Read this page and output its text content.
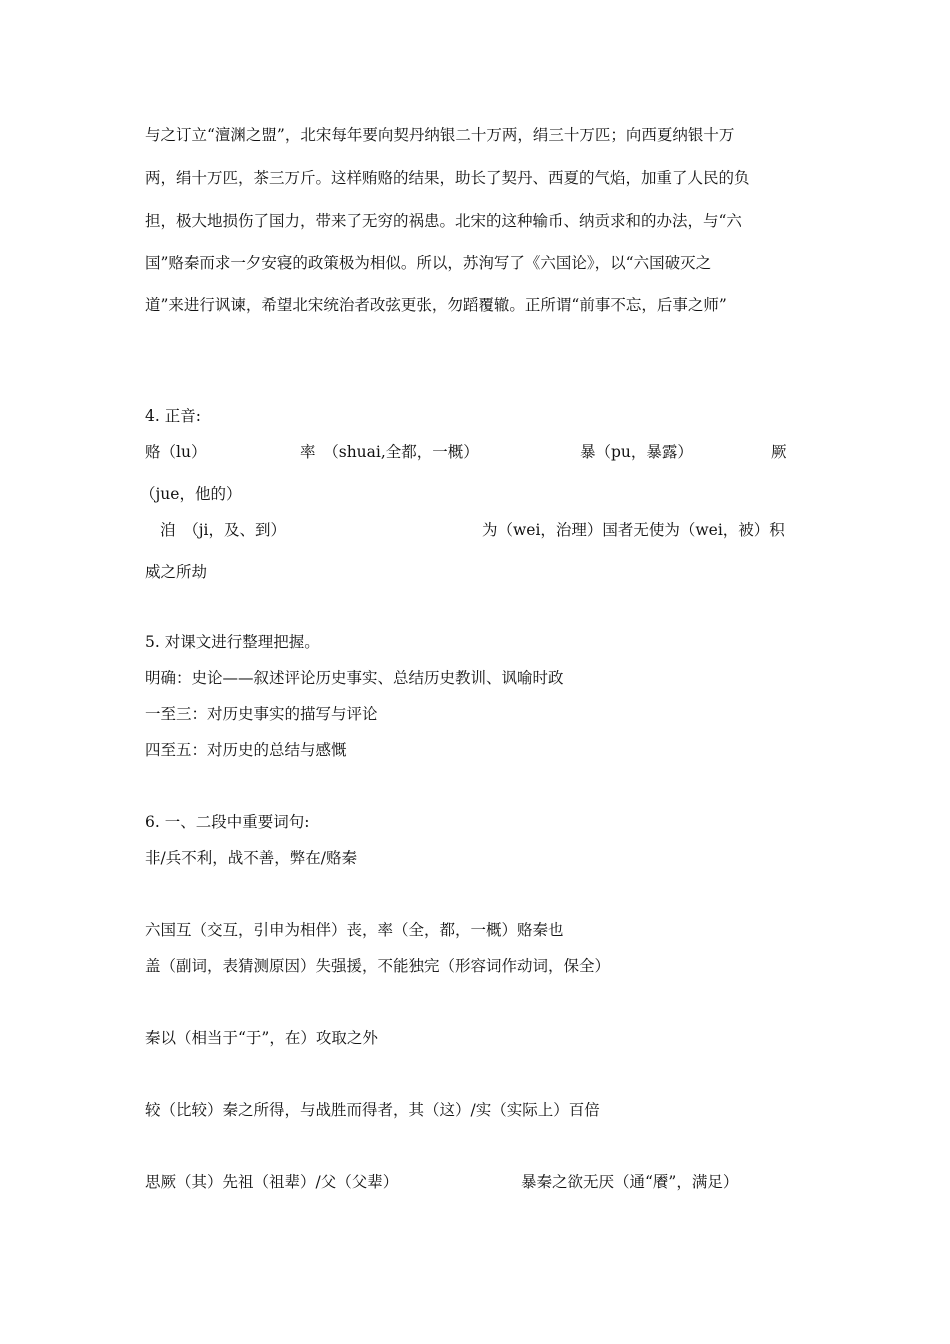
与之订立“澶渊之盟”，北宋每年要向契丹纳银二十万两，绢三十万匹；向西夏纳银十万
两，绢十万匹，茶三万斤。这样贿赂的结果，助长了契丹、西夏的气焰，加重了人民的负
担，极大地损伤了国力，带来了无穷的祸患。北宋的这种输币、纳贡求和的办法，与“六
国”赂秦而求一夕安寝的政策极为相似。所以，苏洵写了《六国论》，以“六国破灭之
道”来进行讽谏，希望北宋统治者改弦更张，勿蹈覆辙。正所谓“前事不忘，后事之师”
4. 正音:
赂（lu）	率　（shuai,全都，一概）	暴（pu，暴露）	厥
（jue，他的）
洎　（ji，及、到）	为（wei，治理）国者无使为（wei，被）积
威之所劫
5. 对课文进行整理把握。
明确：史论——叙述评论历史事实、总结历史教训、讽喻时政
一至三：对历史事实的描写与评论
四至五：对历史的总结与感慨
6. 一、二段中重要词句:
非/兵不利，战不善，弊在/赂秦
六国互（交互，引申为相伴）丧，率（全，都，一概）赂秦也
盖（副词，表猜测原因）失强援，不能独完（形容词作动词，保全）
秦以（相当于“于”，在）攻取之外
较（比较）秦之所得，与战胜而得者，其（这）/实（实际上）百倍
思厥（其）先祖（祖辈）/父（父辈）	暴秦之欲无厌（通“餍”，满足）
